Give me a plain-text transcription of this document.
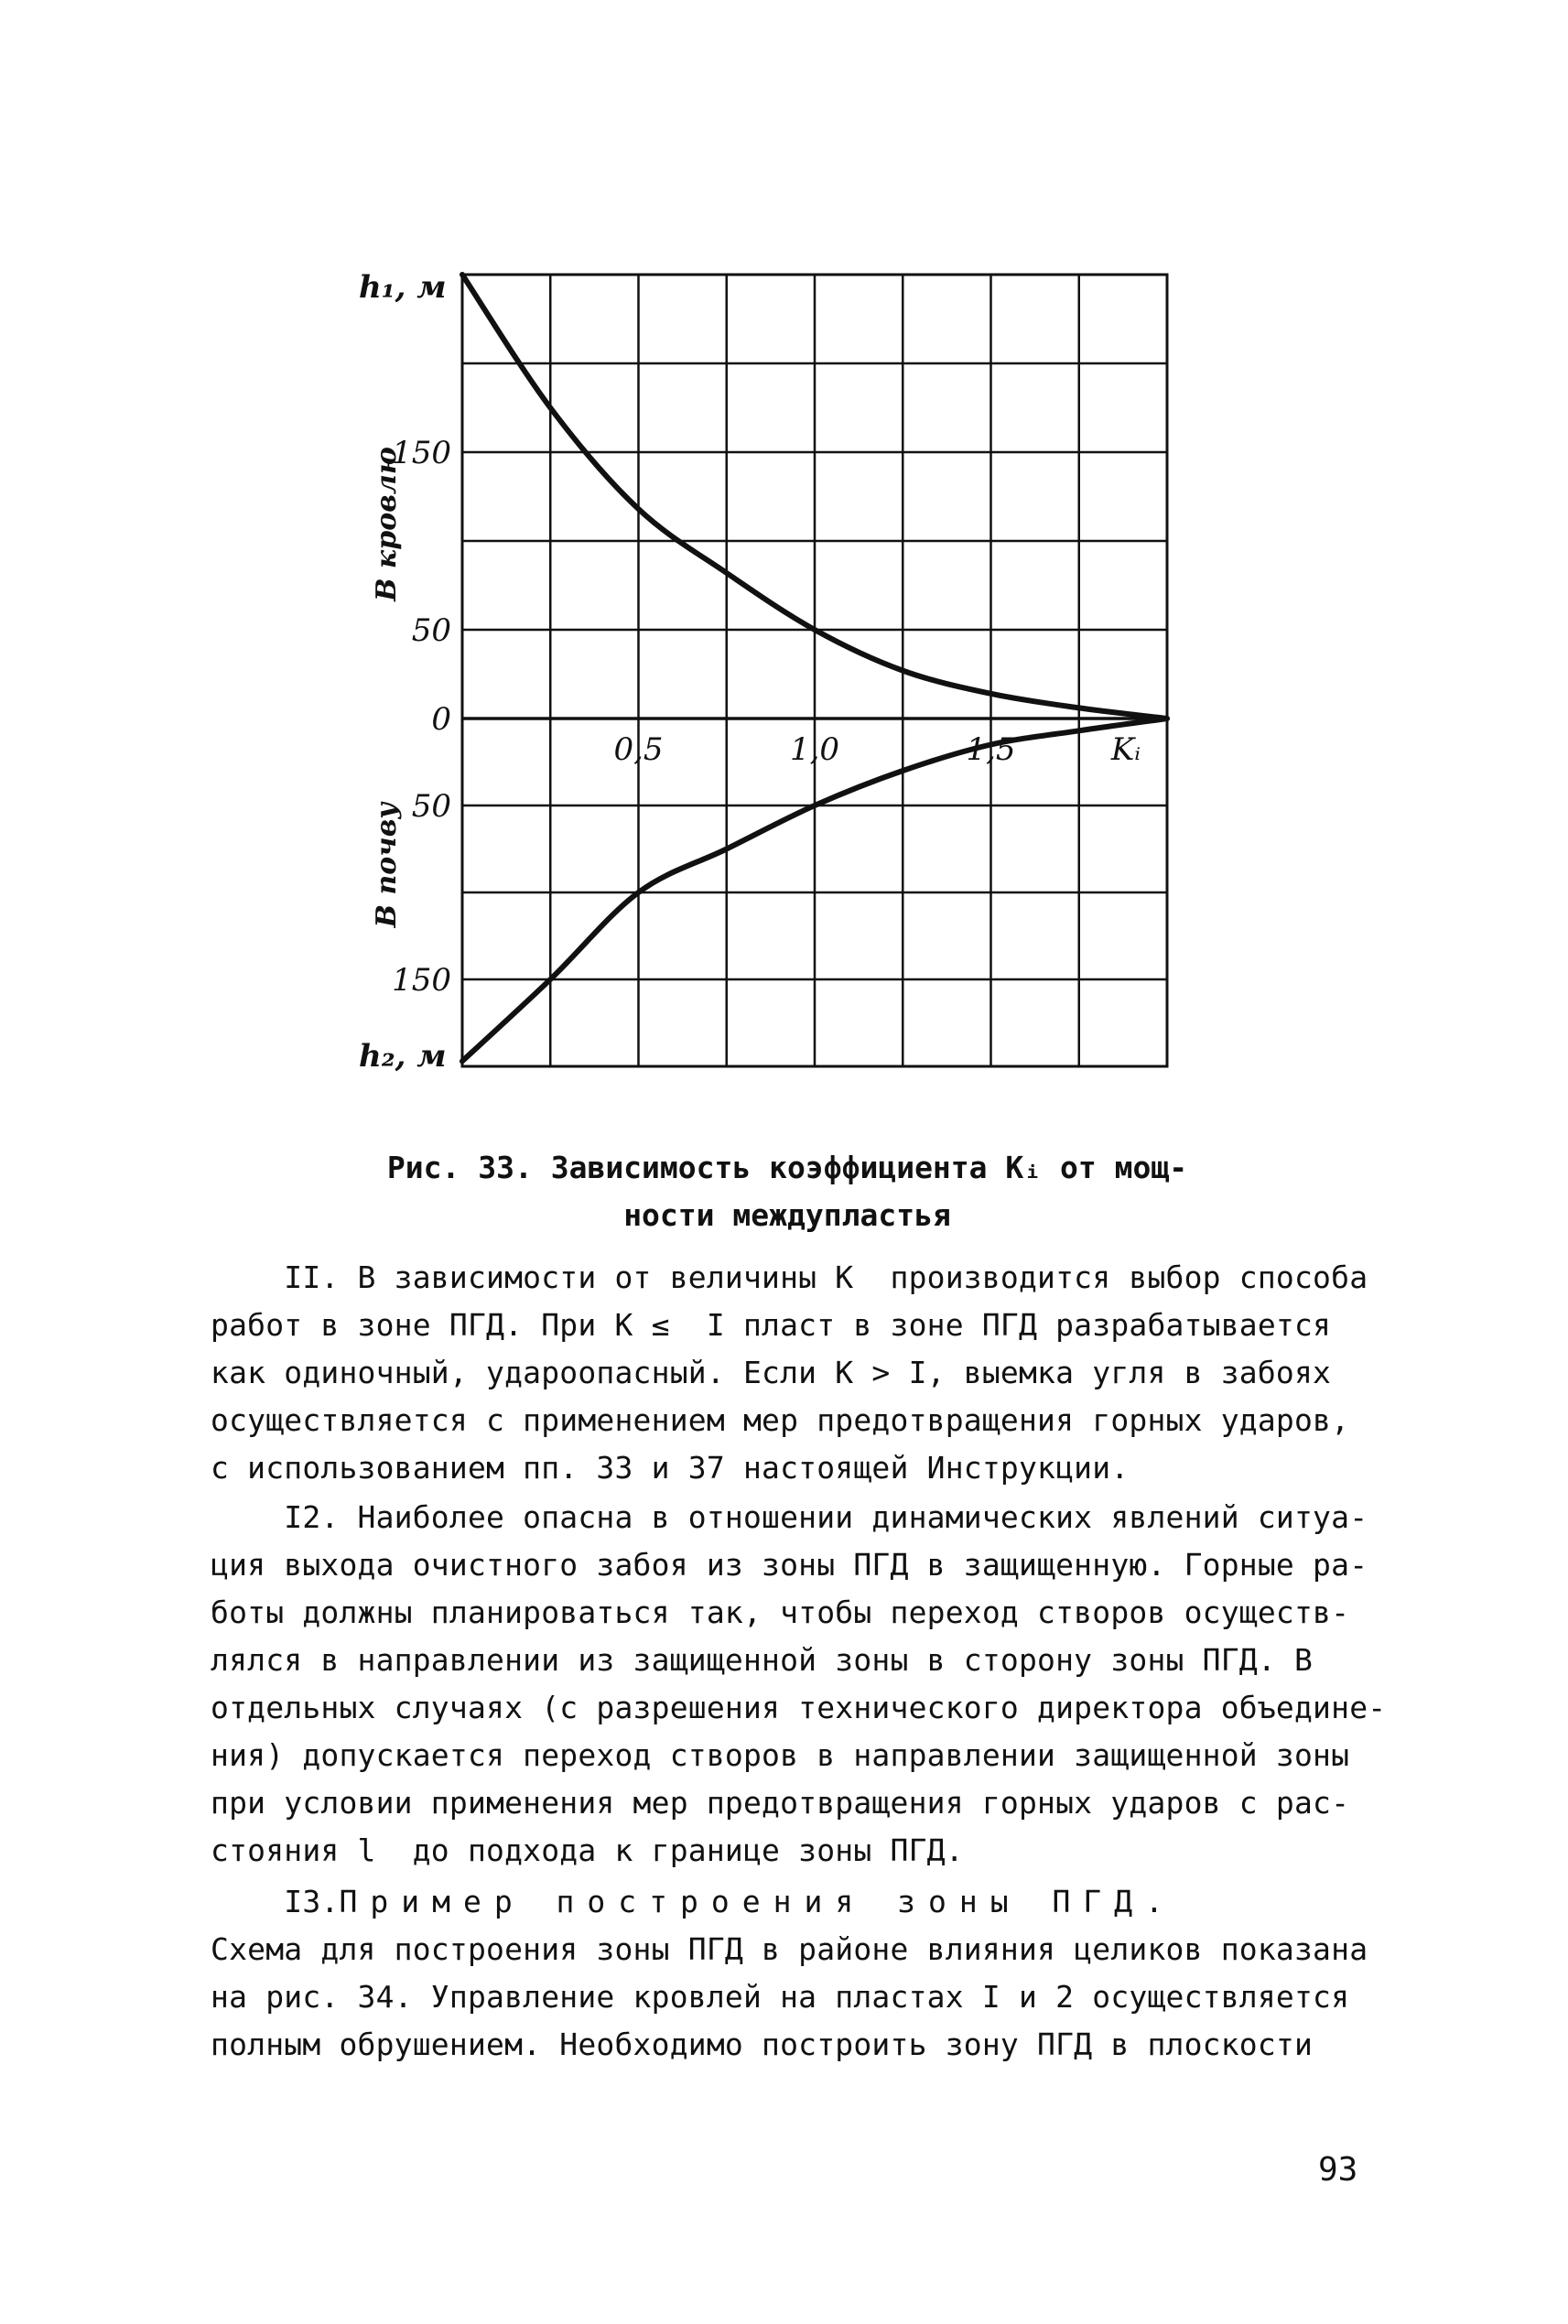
h₁, м
h₂, м
0
50
150
50
150
0,5	1,0	1,5	Kᵢ
В кровлю
В почву
Рис. 33. Зависимость коэффициента Kᵢ от мощ-
ности междупластья
II. В зависимости от величины K  производится выбор способа
работ в зоне ПГД. При K ≤  I пласт в зоне ПГД разрабатывается
как одиночный, удароопасный. Если K > I, выемка угля в забоях
осуществляется с применением мер предотвращения горных ударов,
с использованием пп. 33 и 37 настоящей Инструкции.
I2. Наиболее опасна в отношении динамических явлений ситуа-
ция выхода очистного забоя из зоны ПГД в защищенную. Горные ра-
боты должны планироваться так, чтобы переход створов осуществ-
лялся в направлении из защищенной зоны в сторону зоны ПГД. В
отдельных случаях (с разрешения технического директора объедине-
ния) допускается переход створов в направлении защищенной зоны
при условии применения мер предотвращения горных ударов с рас-
стояния l  до подхода к границе зоны ПГД.
I3.Пример построения зоны ПГД.
Схема для построения зоны ПГД в районе влияния целиков показана
на рис. 34. Управление кровлей на пластах I и 2 осуществляется
полным обрушением. Необходимо построить зону ПГД в плоскости
93
